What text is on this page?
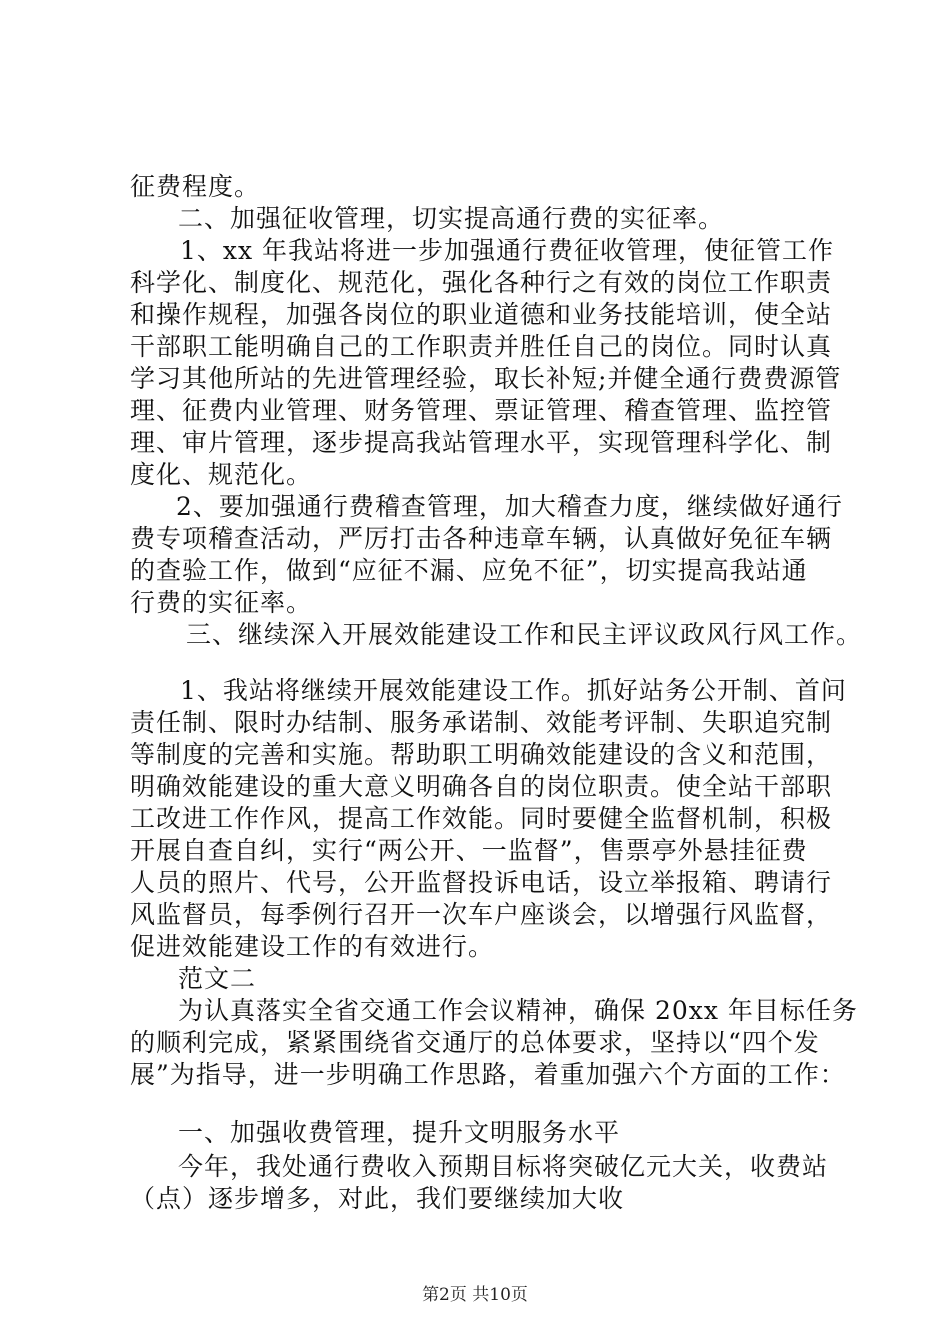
征费程度。
二、加强征收管理，切实提高通行费的实征率。
1、xx 年我站将进一步加强通行费征收管理，使征管工作
科学化、制度化、规范化，强化各种行之有效的岗位工作职责
和操作规程，加强各岗位的职业道德和业务技能培训，使全站
干部职工能明确自己的工作职责并胜任自己的岗位。同时认真
学习其他所站的先进管理经验，取长补短;并健全通行费费源管
理、征费内业管理、财务管理、票证管理、稽查管理、监控管
理、审片管理，逐步提高我站管理水平，实现管理科学化、制
度化、规范化。
2、要加强通行费稽查管理，加大稽查力度，继续做好通行
费专项稽查活动，严厉打击各种违章车辆，认真做好免征车辆
的查验工作，做到“应征不漏、应免不征”，切实提高我站通
行费的实征率。
三、继续深入开展效能建设工作和民主评议政风行风工作。
1、我站将继续开展效能建设工作。抓好站务公开制、首问
责任制、限时办结制、服务承诺制、效能考评制、失职追究制
等制度的完善和实施。帮助职工明确效能建设的含义和范围，
明确效能建设的重大意义明确各自的岗位职责。使全站干部职
工改进工作作风，提高工作效能。同时要健全监督机制，积极
开展自查自纠，实行“两公开、一监督”，售票亭外悬挂征费
人员的照片、代号，公开监督投诉电话，设立举报箱、聘请行
风监督员，每季例行召开一次车户座谈会，以增强行风监督，
促进效能建设工作的有效进行。
范文二
为认真落实全省交通工作会议精神，确保 20xx 年目标任务
的顺利完成，紧紧围绕省交通厅的总体要求，坚持以“四个发
展”为指导，进一步明确工作思路，着重加强六个方面的工作：
一、加强收费管理，提升文明服务水平
今年，我处通行费收入预期目标将突破亿元大关，收费站
（点）逐步增多，对此，我们要继续加大收
第2页 共10页
